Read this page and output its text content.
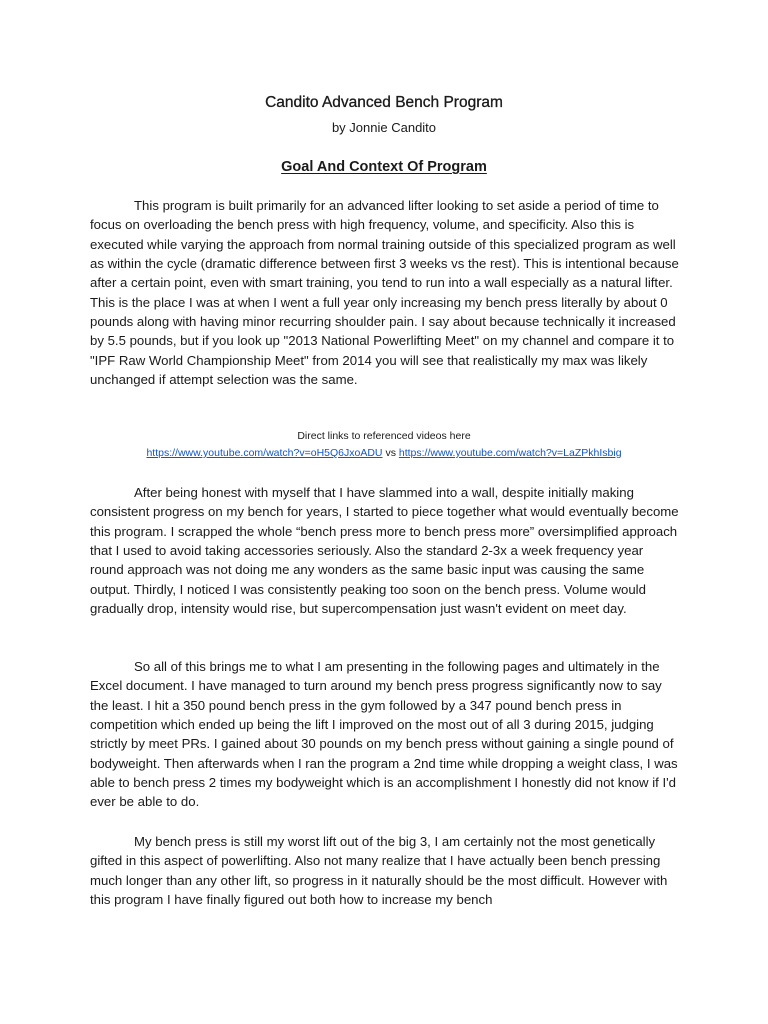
Candito Advanced Bench Program

by Jonnie Candito

Goal And Context Of Program

This program is built primarily for an advanced lifter looking to set aside a period of time to focus on overloading the bench press with high frequency, volume, and specificity. Also this is executed while varying the approach from normal training outside of this specialized program as well as within the cycle (dramatic difference between first 3 weeks vs the rest). This is intentional because after a certain point, even with smart training, you tend to run into a wall especially as a natural lifter. This is the place I was at when I went a full year only increasing my bench press literally by about 0 pounds along with having minor recurring shoulder pain. I say about because technically it increased by 5.5 pounds, but if you look up "2013 National Powerlifting Meet" on my channel and compare it to "IPF Raw World Championship Meet" from 2014 you will see that realistically my max was likely unchanged if attempt selection was the same.

Direct links to referenced videos here

https://www.youtube.com/watch?v=oH5Q6JxoADU vs https://www.youtube.com/watch?v=LaZPkhIsbig

After being honest with myself that I have slammed into a wall, despite initially making consistent progress on my bench for years, I started to piece together what would eventually become this program. I scrapped the whole “bench press more to bench press more” oversimplified approach that I used to avoid taking accessories seriously. Also the standard 2-3x a week frequency year round approach was not doing me any wonders as the same basic input was causing the same output. Thirdly, I noticed I was consistently peaking too soon on the bench press. Volume would gradually drop, intensity would rise, but supercompensation just wasn't evident on meet day.

So all of this brings me to what I am presenting in the following pages and ultimately in the Excel document. I have managed to turn around my bench press progress significantly now to say the least. I hit a 350 pound bench press in the gym followed by a 347 pound bench press in competition which ended up being the lift I improved on the most out of all 3 during 2015, judging strictly by meet PRs. I gained about 30 pounds on my bench press without gaining a single pound of bodyweight. Then afterwards when I ran the program a 2nd time while dropping a weight class, I was able to bench press 2 times my bodyweight which is an accomplishment I honestly did not know if I'd ever be able to do.

My bench press is still my worst lift out of the big 3, I am certainly not the most genetically gifted in this aspect of powerlifting. Also not many realize that I have actually been bench pressing much longer than any other lift, so progress in it naturally should be the most difficult. However with this program I have finally figured out both how to increase my bench
